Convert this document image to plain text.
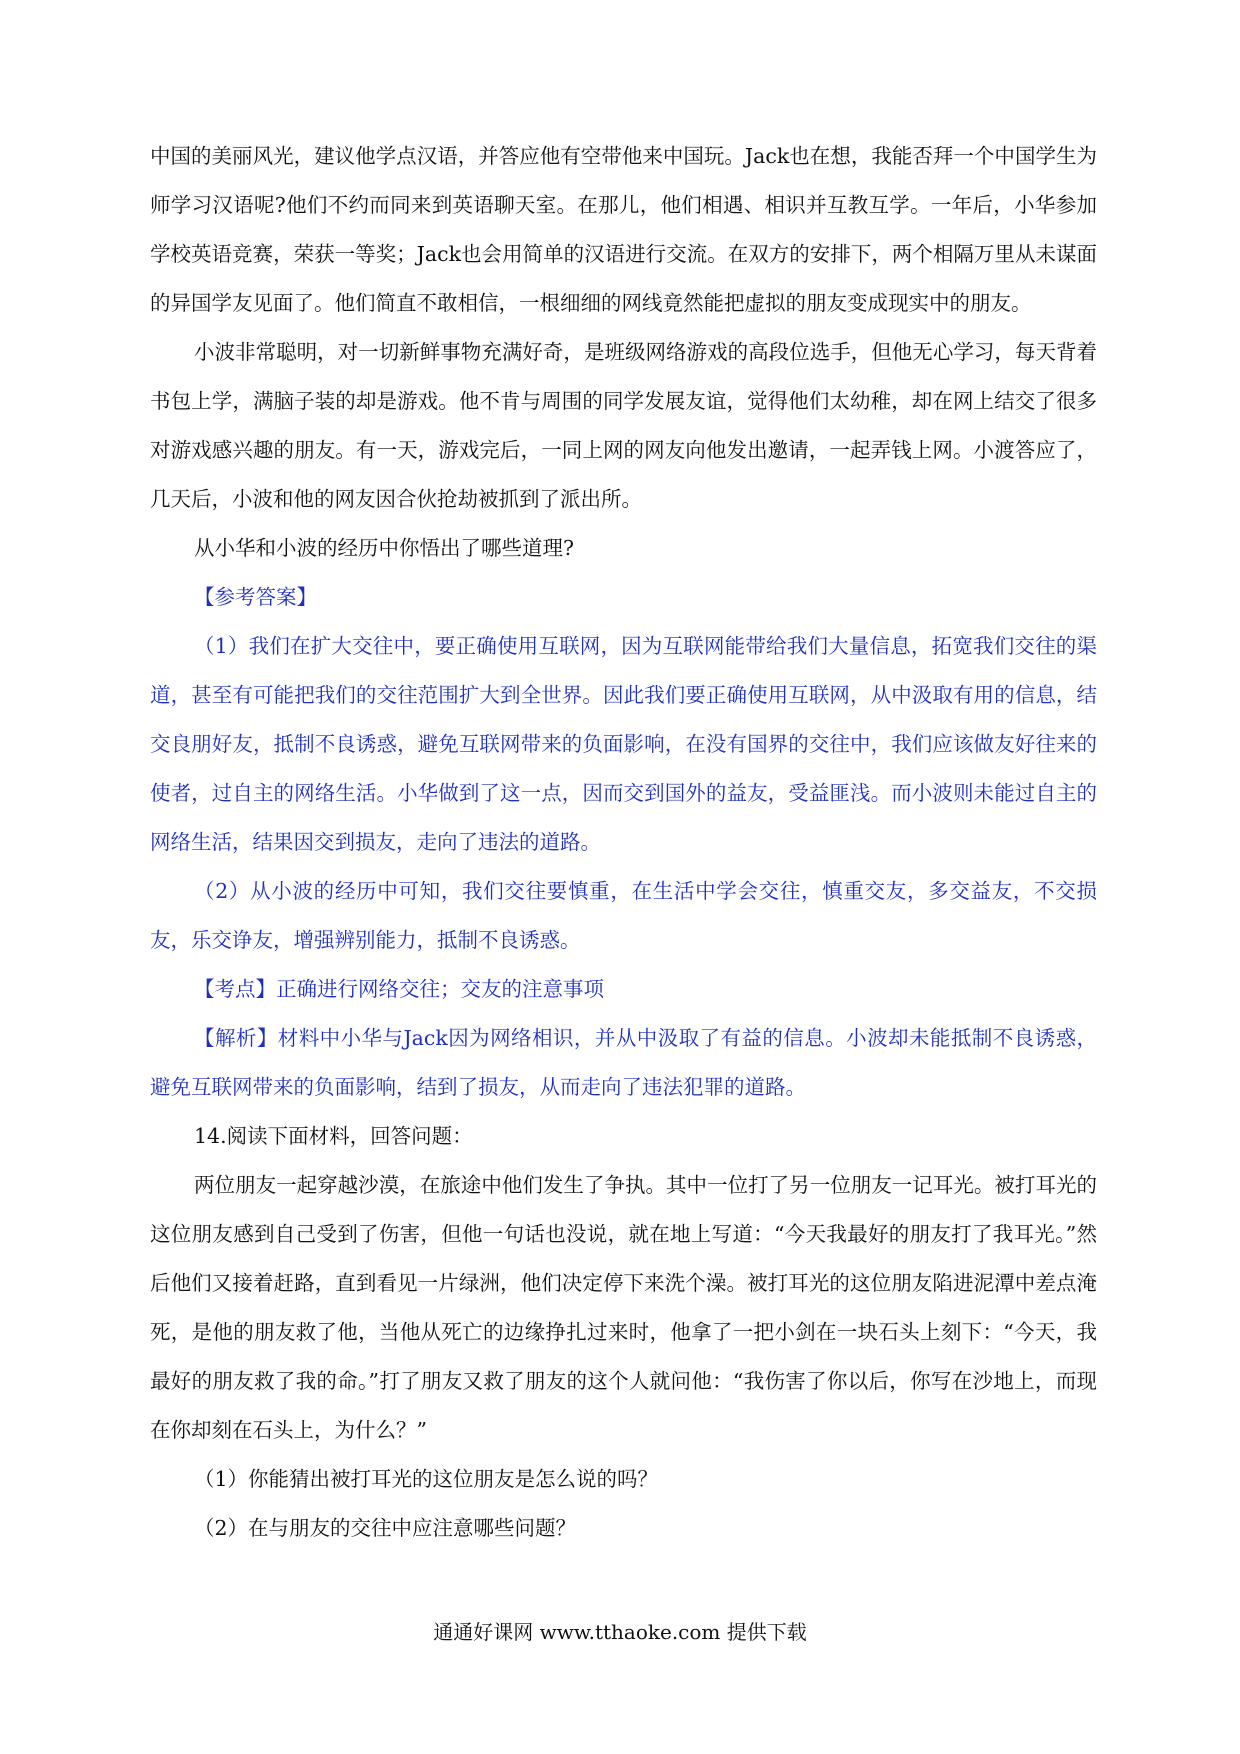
中国的美丽风光，建议他学点汉语，并答应他有空带他来中国玩。Jack也在想，我能否拜一个中国学生为师学习汉语呢?他们不约而同来到英语聊天室。在那儿，他们相遇、相识并互教互学。一年后，小华参加学校英语竞赛，荣获一等奖；Jack也会用简单的汉语进行交流。在双方的安排下，两个相隔万里从未谋面的异国学友见面了。他们简直不敢相信，一根细细的网线竟然能把虚拟的朋友变成现实中的朋友。

小波非常聪明，对一切新鲜事物充满好奇，是班级网络游戏的高段位选手，但他无心学习，每天背着书包上学，满脑子装的却是游戏。他不肯与周围的同学发展友谊，觉得他们太幼稚，却在网上结交了很多对游戏感兴趣的朋友。有一天，游戏完后，一同上网的网友向他发出邀请，一起弄钱上网。小渡答应了，几天后，小波和他的网友因合伙抢劫被抓到了派出所。

从小华和小波的经历中你悟出了哪些道理?

【参考答案】

（1）我们在扩大交往中，要正确使用互联网，因为互联网能带给我们大量信息，拓宽我们交往的渠道，甚至有可能把我们的交往范围扩大到全世界。因此我们要正确使用互联网，从中汲取有用的信息，结交良朋好友，抵制不良诱惑，避免互联网带来的负面影响，在没有国界的交往中，我们应该做友好往来的使者，过自主的网络生活。小华做到了这一点，因而交到国外的益友，受益匪浅。而小波则未能过自主的网络生活，结果因交到损友，走向了违法的道路。

（2）从小波的经历中可知，我们交往要慎重，在生活中学会交往，慎重交友，多交益友，不交损友，乐交诤友，增强辨别能力，抵制不良诱惑。

【考点】正确进行网络交往；交友的注意事项

【解析】材料中小华与Jack因为网络相识，并从中汲取了有益的信息。小波却未能抵制不良诱惑，避免互联网带来的负面影响，结到了损友，从而走向了违法犯罪的道路。

14.阅读下面材料，回答问题：

两位朋友一起穿越沙漠，在旅途中他们发生了争执。其中一位打了另一位朋友一记耳光。被打耳光的这位朋友感到自己受到了伤害，但他一句话也没说，就在地上写道：“今天我最好的朋友打了我耳光。”然后他们又接着赶路，直到看见一片绿洲，他们决定停下来洗个澡。被打耳光的这位朋友陷进泥潭中差点淹死，是他的朋友救了他，当他从死亡的边缘挣扎过来时，他拿了一把小剑在一块石头上刻下：“今天，我最好的朋友救了我的命。”打了朋友又救了朋友的这个人就问他：“我伤害了你以后，你写在沙地上，而现在你却刻在石头上，为什么？”

（1）你能猜出被打耳光的这位朋友是怎么说的吗？

（2）在与朋友的交往中应注意哪些问题？

通通好课网 www.tthaoke.com 提供下载
